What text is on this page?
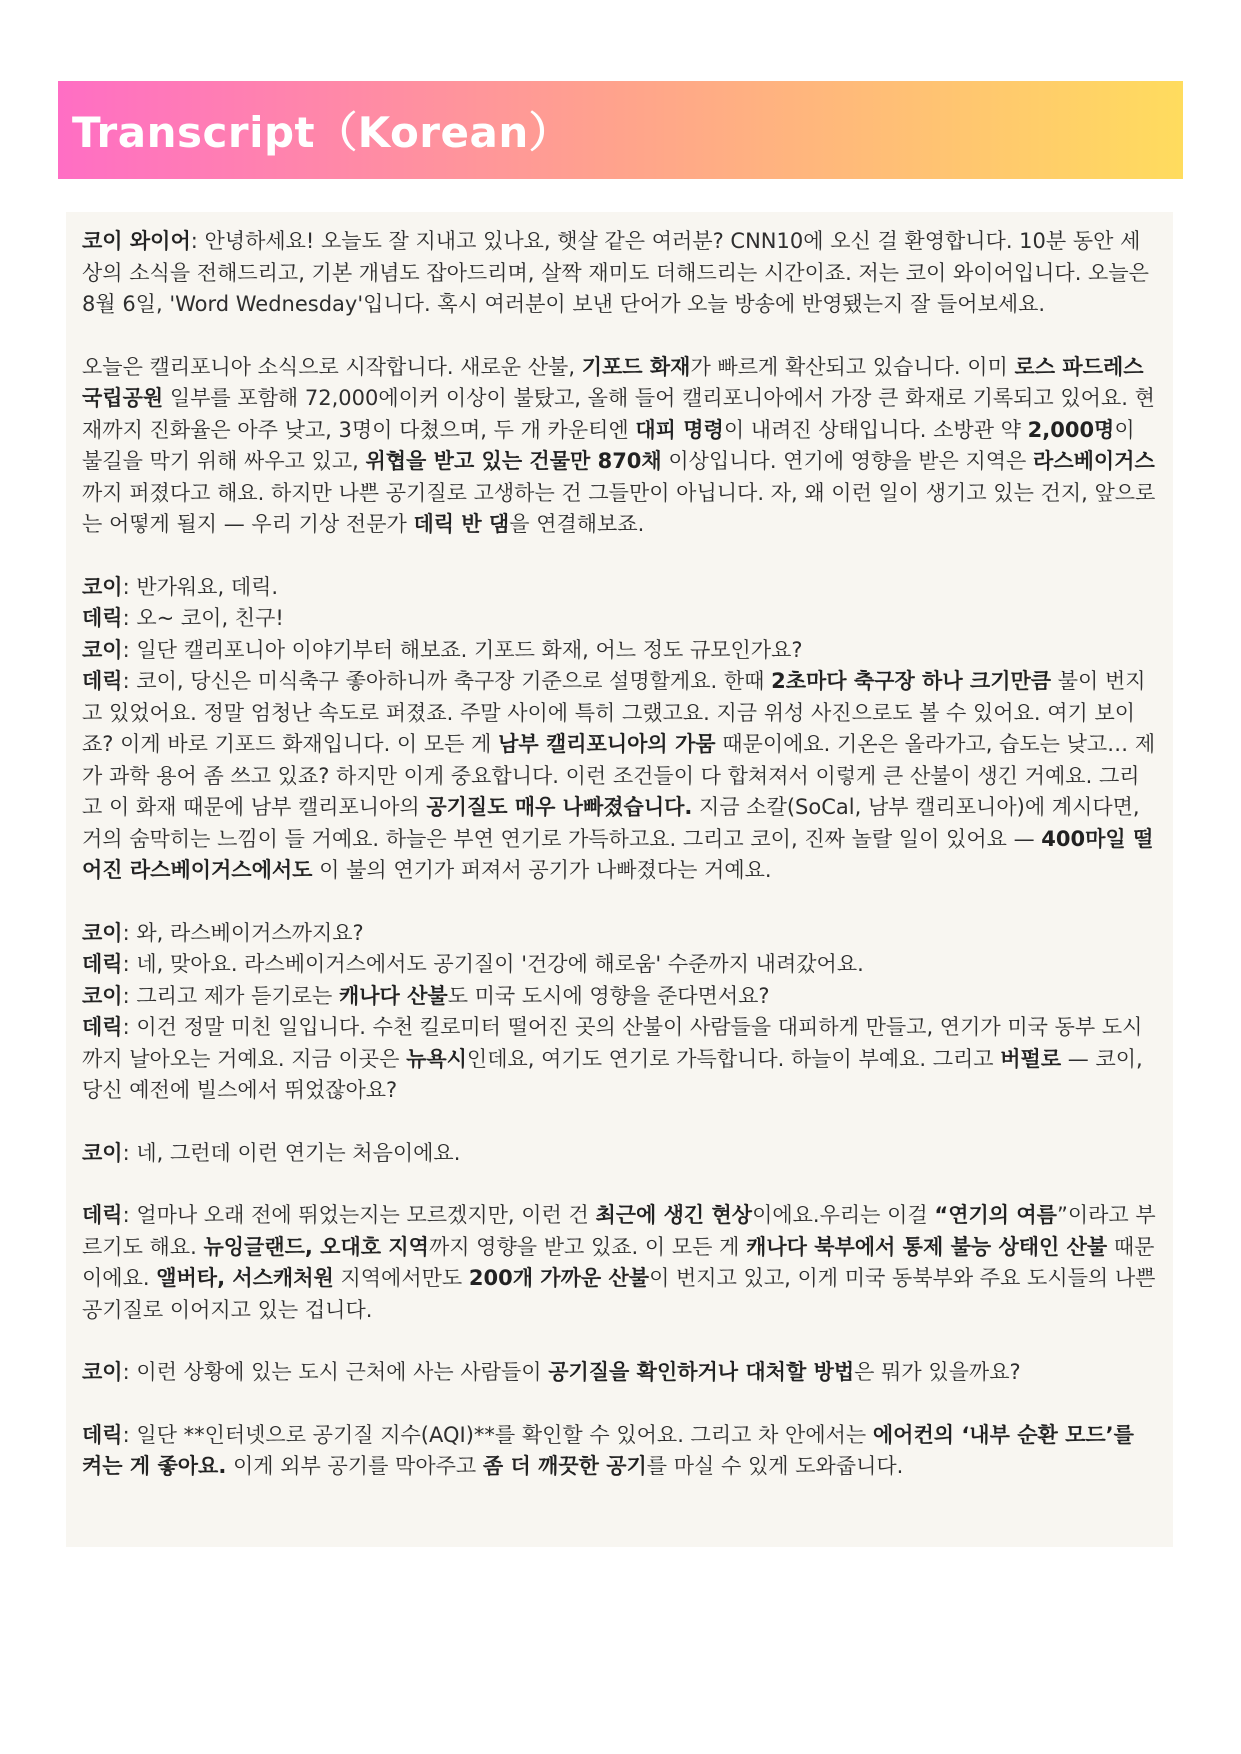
Transcript（Korean）

코이 와이어: 안녕하세요! 오늘도 잘 지내고 있나요, 햇살 같은 여러분? CNN10에 오신 걸 환영합니다. 10분 동안 세상의 소식을 전해드리고, 기본 개념도 잡아드리며, 살짝 재미도 더해드리는 시간이죠. 저는 코이 와이어입니다. 오늘은 8월 6일, 'Word Wednesday'입니다. 혹시 여러분이 보낸 단어가 오늘 방송에 반영됐는지 잘 들어보세요.

오늘은 캘리포니아 소식으로 시작합니다. 새로운 산불, 기포드 화재가 빠르게 확산되고 있습니다. 이미 로스 파드레스 국립공원 일부를 포함해 72,000에이커 이상이 불탔고, 올해 들어 캘리포니아에서 가장 큰 화재로 기록되고 있어요. 현재까지 진화율은 아주 낮고, 3명이 다쳤으며, 두 개 카운티엔 대피 명령이 내려진 상태입니다. 소방관 약 2,000명이 불길을 막기 위해 싸우고 있고, 위협을 받고 있는 건물만 870채 이상입니다. 연기에 영향을 받은 지역은 라스베이거스까지 퍼졌다고 해요. 하지만 나쁜 공기질로 고생하는 건 그들만이 아닙니다. 자, 왜 이런 일이 생기고 있는 건지, 앞으로는 어떻게 될지 — 우리 기상 전문가 데릭 반 댐을 연결해보죠.

코이: 반가워요, 데릭.

데릭: 오~ 코이, 친구!

코이: 일단 캘리포니아 이야기부터 해보죠. 기포드 화재, 어느 정도 규모인가요?

데릭: 코이, 당신은 미식축구 좋아하니까 축구장 기준으로 설명할게요. 한때 2초마다 축구장 하나 크기만큼 불이 번지고 있었어요. 정말 엄청난 속도로 퍼졌죠. 주말 사이에 특히 그랬고요. 지금 위성 사진으로도 볼 수 있어요. 여기 보이죠? 이게 바로 기포드 화재입니다. 이 모든 게 남부 캘리포니아의 가뭄 때문이에요. 기온은 올라가고, 습도는 낮고… 제가 과학 용어 좀 쓰고 있죠? 하지만 이게 중요합니다. 이런 조건들이 다 합쳐져서 이렇게 큰 산불이 생긴 거예요. 그리고 이 화재 때문에 남부 캘리포니아의 공기질도 매우 나빠졌습니다. 지금 소칼(SoCal, 남부 캘리포니아)에 계시다면, 거의 숨막히는 느낌이 들 거예요. 하늘은 부연 연기로 가득하고요. 그리고 코이, 진짜 놀랄 일이 있어요 — 400마일 떨어진 라스베이거스에서도 이 불의 연기가 퍼져서 공기가 나빠졌다는 거예요.

코이: 와, 라스베이거스까지요?

데릭: 네, 맞아요. 라스베이거스에서도 공기질이 '건강에 해로움' 수준까지 내려갔어요.

코이: 그리고 제가 듣기로는 캐나다 산불도 미국 도시에 영향을 준다면서요?

데릭: 이건 정말 미친 일입니다. 수천 킬로미터 떨어진 곳의 산불이 사람들을 대피하게 만들고, 연기가 미국 동부 도시까지 날아오는 거예요. 지금 이곳은 뉴욕시인데요, 여기도 연기로 가득합니다. 하늘이 부예요. 그리고 버펄로 — 코이, 당신 예전에 빌스에서 뛰었잖아요?

코이: 네, 그런데 이런 연기는 처음이에요.

데릭: 얼마나 오래 전에 뛰었는지는 모르겠지만, 이런 건 최근에 생긴 현상이에요.우리는 이걸 “연기의 여름”이라고 부르기도 해요. 뉴잉글랜드, 오대호 지역까지 영향을 받고 있죠. 이 모든 게 캐나다 북부에서 통제 불능 상태인 산불 때문이에요. 앨버타, 서스캐처원 지역에서만도 200개 가까운 산불이 번지고 있고, 이게 미국 동북부와 주요 도시들의 나쁜 공기질로 이어지고 있는 겁니다.

코이: 이런 상황에 있는 도시 근처에 사는 사람들이 공기질을 확인하거나 대처할 방법은 뭐가 있을까요?

데릭: 일단 **인터넷으로 공기질 지수(AQI)**를 확인할 수 있어요. 그리고 차 안에서는 에어컨의 ‘내부 순환 모드’를 켜는 게 좋아요. 이게 외부 공기를 막아주고 좀 더 깨끗한 공기를 마실 수 있게 도와줍니다.
